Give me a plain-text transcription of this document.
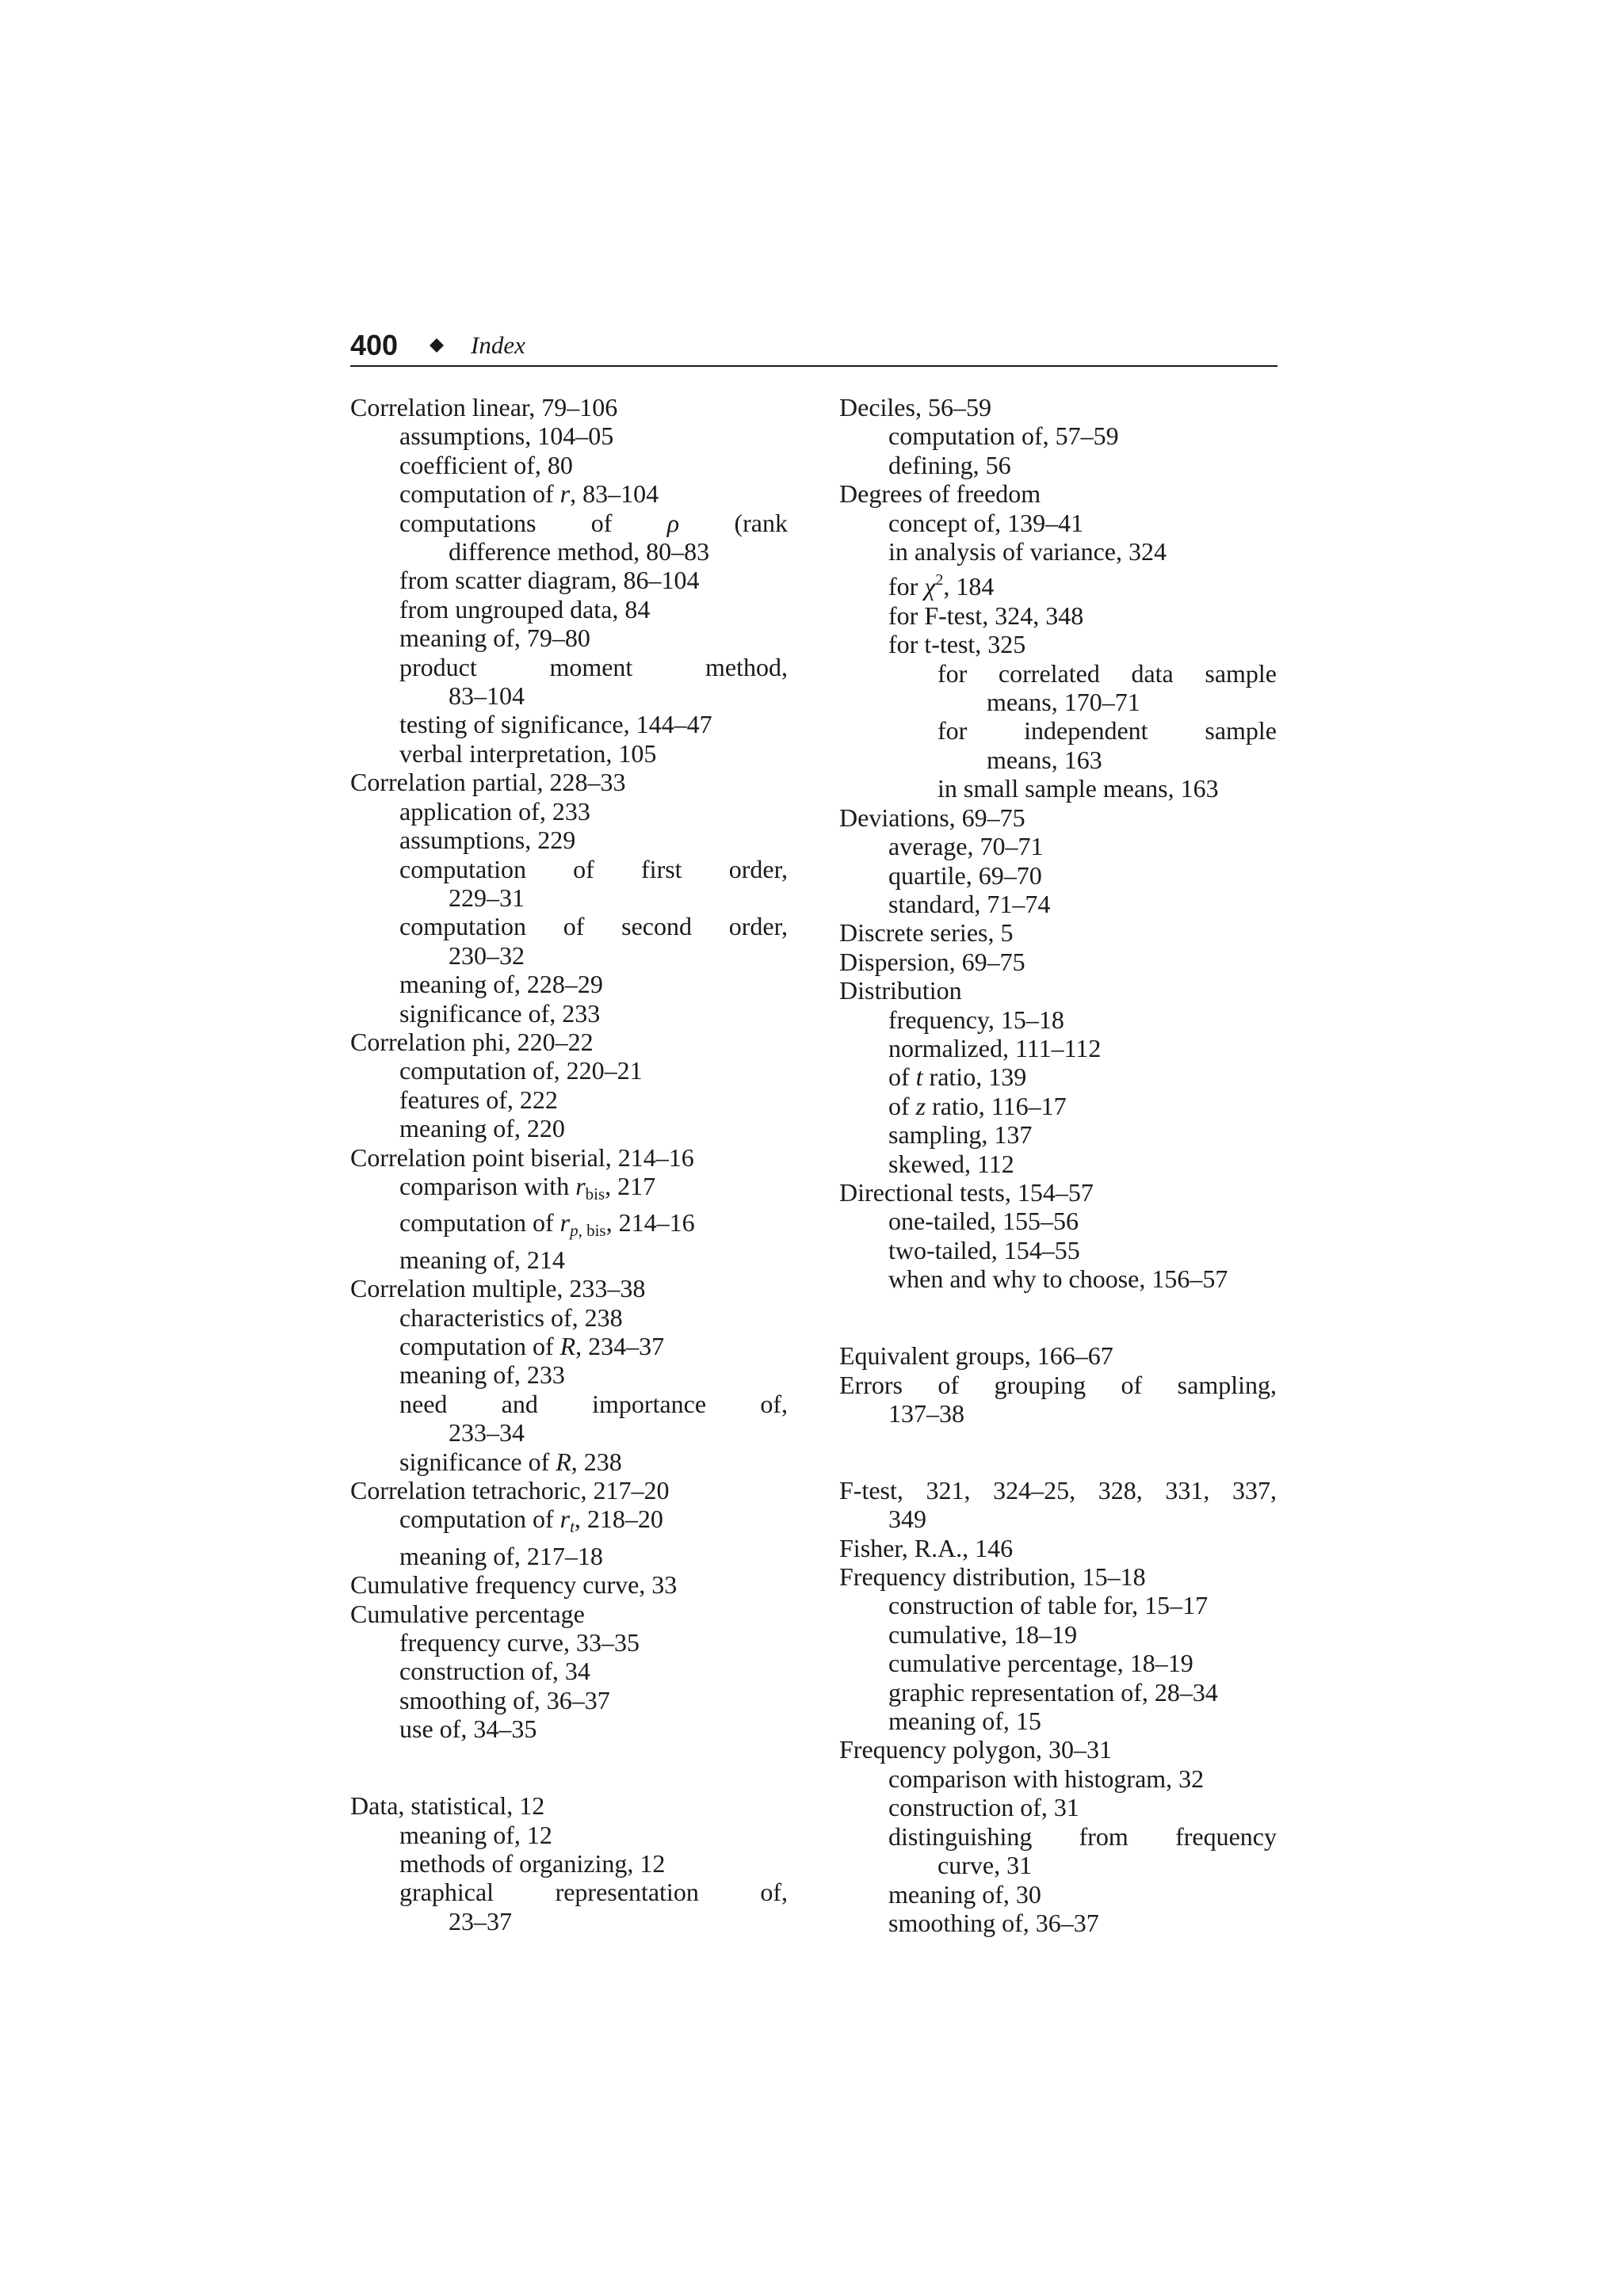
400	Index

Correlation linear, 79–106

assumptions, 104–05

coefficient of, 80

computation of r, 83–104

computations of ρ (rank

difference method, 80–83

from scatter diagram, 86–104

from ungrouped data, 84

meaning of, 79–80

product moment method,

83–104

testing of significance, 144–47

verbal interpretation, 105

Correlation partial, 228–33

application of, 233

assumptions, 229

computation of first order,

229–31

computation of second order,

230–32

meaning of, 228–29

significance of, 233

Correlation phi, 220–22

computation of, 220–21

features of, 222

meaning of, 220

Correlation point biserial, 214–16

comparison with $r_{bis}$, 217

computation of $r_{p, bis}$, 214–16

meaning of, 214

Correlation multiple, 233–38

characteristics of, 238

computation of R, 234–37

meaning of, 233

need and importance of,

233–34

significance of R, 238

Correlation tetrachoric, 217–20

computation of $r_t$, 218–20

meaning of, 217–18

Cumulative frequency curve, 33

Cumulative percentage

frequency curve, 33–35

construction of, 34

smoothing of, 36–37

use of, 34–35

Data, statistical, 12

meaning of, 12

methods of organizing, 12

graphical representation of,

23–37

Deciles, 56–59

computation of, 57–59

defining, 56

Degrees of freedom

concept of, 139–41

in analysis of variance, 324

for $\chi^2$, 184

for F-test, 324, 348

for t-test, 325

for correlated data sample

means, 170–71

for independent sample

means, 163

in small sample means, 163

Deviations, 69–75

average, 70–71

quartile, 69–70

standard, 71–74

Discrete series, 5

Dispersion, 69–75

Distribution

frequency, 15–18

normalized, 111–112

of t ratio, 139

of z ratio, 116–17

sampling, 137

skewed, 112

Directional tests, 154–57

one-tailed, 155–56

two-tailed, 154–55

when and why to choose, 156–57

Equivalent groups, 166–67

Errors of grouping of sampling,

137–38

F-test, 321, 324–25, 328, 331, 337,

349

Fisher, R.A., 146

Frequency distribution, 15–18

construction of table for, 15–17

cumulative, 18–19

cumulative percentage, 18–19

graphic representation of, 28–34

meaning of, 15

Frequency polygon, 30–31

comparison with histogram, 32

construction of, 31

distinguishing from frequency

curve, 31

meaning of, 30

smoothing of, 36–37
